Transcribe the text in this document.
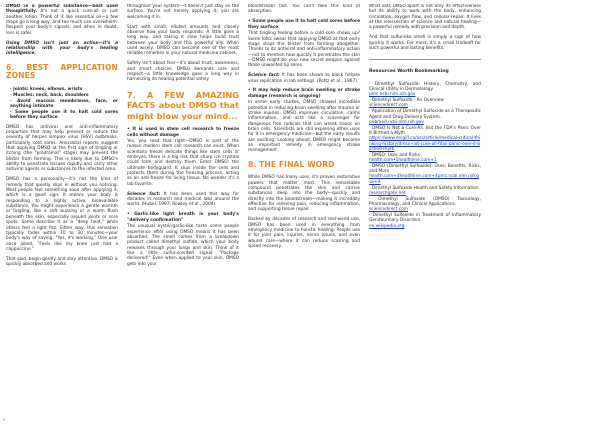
DMSO is a powerful substance—best used thoughtfully. It's not a quick cure-all or just another lotion. Think of it like essential oil—a few drops go a long way, and too much can overwhelm. Respect your body's signals, and when in doubt, less is safer.

Using DMSO isn't just an action—it's a relationship with your body's healing intelligence.

6. BEST APPLICATION ZONES
· Joints: knees, elbows, wrists
· Muscles: neck, back, shoulders
· Avoid mucous membranes, face, or anything intimate
· Some people use it to halt cold sores before they surface

DMSO has antiviral and anti-inflammatory properties that may help prevent or reduce the severity of herpes simplex virus (HSV) outbreaks, particularly cold sores. Anecdotal reports suggest that applying DMSO at the first sign of tingling or itching (the "prodromal" stage) may prevent the blister from forming. This is likely due to DMSO's ability to penetrate tissues rapidly and carry other antiviral agents or substances to the infected area.

DMSO has a personality—it's not the kind of remedy that quietly slips in without you noticing. Most people feel something soon after applying it, which is a good sign. It means your body is responding to a highly active, bioavailable substance. You might experience a gentle warmth or tingling, like a soft buzzing or a warm flush beneath the skin, especially around joints or sore spots. Some describe it as a "deep heat," while others feel a light fizz. Either way, this sensation typically fades within 10 to 30 minutes—your body's way of saying, "Yes, it's working." One user once joked, "Feels like my knee just had a cappuccino."

That said, begin gently and stay attentive. DMSO is quickly absorbed and works

throughout your system—it doesn't just stay on the surface. You're not merely applying it; you are welcoming it in.

Start with small, diluted amounts and closely observe how your body responds. A little goes a long way, and taking it slow helps build trust between your body and this powerful ally. When used wisely, DMSO can become one of the most reliable remedies in your natural medicine cabinet.

Safety isn't about fear—it's about trust, awareness, and smart choices. DMSO demands care and respect—a little knowledge goes a long way in harnessing its healing potential safely.

7. A FEW AMAZING FACTS about DMSO that might blow your mind...

• It is used in stem cell research to freeze cells without damage

Yes, you read that right—DMSO is part of the reason modern stem cell research can exist. When scientists freeze delicate things like stem cells or embryos, there is a big risk that sharp ice crystals could form and destroy them. Enter DMSO: the ultimate bodyguard. It slips inside the cells and protects them during the freezing process, acting as an anti-freeze for living tissue. No wonder it's a lab favorite.

Science fact: It has been used this way for decades in research and medical labs around the world. (Hubel, 1997; Rowley et al., 2004)

• Garlic-like light breath is your body's "delivery confirmation"

The unusual oyster/garlic-like taste some people experience after using DMSO means it has been absorbed. The smell comes from a breakdown product called dimethyl sulfide, which your body releases through your lungs and skin. Think of it like a little sulfur-scented signal: "Package delivered!" Even when applied to your skin, DMSO gets into your

bloodstream fast. You can't fake this kind of absorption.

• Some people use it to halt cold sores before they surface

That tingling feeling before a cold sore shows up? Some folks swear that applying DMSO at that early stage stops the blister from forming altogether. Thanks to its antiviral and anti-inflammatory action—not to mention how quickly it penetrates the skin—DMSO might be your new secret weapon against those unwanted lip sores.

Science fact: It has been shown to block herpes virus replication in lab settings. (Pottz et al., 1967)

• It may help reduce brain swelling or stroke damage (research is ongoing)

In some early studies, DMSO showed incredible potential in reducing brain swelling after trauma or stroke injuries. DMSO improves circulation, calms inflammation, and acts like a scavenger for dangerous free radicals that can wreak havoc on brain cells. Scientists are still exploring other uses for it in emergency medicine—but the early results are exciting. Looking ahead, DMSO might become an important remedy in emergency stroke management.

8. THE FINAL WORD

While DMSO has many uses, it's proven restorative powers that matter most. This remarkable compound penetrates the skin and carries substances deep into the body—quickly and directly into the bloodstream—making it incredibly effective for relieving pain, reducing inflammation, and supporting tissue repair.

Backed by decades of research and real-world use, DMSO has been used in everything from emergency medicine to holistic healing. People use it for joint pain, injuries, nerve issues, and even wound care—where it can reduce scarring and speed recovery.

What sets DMSO apart is not only its effectiveness but its ability to work with the body, enhancing circulation, oxygen flow, and cellular repair. It lives at the intersection of science and natural healing—a powerful remedy with precision and depth.

And that sulfur-like smell is simply a sign of how quickly it works. For most, it's a small tradeoff for such powerful and lasting benefits.

Resources Worth Bookmarking
· Dimethyl Sulfoxide: History, Chemistry, and Clinical Utility in Dermatology.
pmc.ncbi.nlm.nih.gov
· Dimethyl Sulfoxide - An Overview
sciencedirect.com
· Application of Dimethyl Sulfoxide as a Therapeutic Agent and Drug Delivery System.
pubmed.ncbi.nlm.nih.gov
· DMSO Is Not a Cure-All. But the FDA's Panic Over It Birthed a Myth
https://www.mcgill.ca/oss/article/medical-critical-thinking-history/dmso-not-cure-all-fdas-panic-over-it-birthed-myth
· DMSO: Uses and Risks
health.com•1healthline.com+1
· DMSO (Dimethyl Sulfoxide): Uses, Benefits, Risks, and More
health.com+4healthline.com+4pmc.ncbi.nlm.nih.gov+4
· Dimethyl Sulfoxide Health and Safety Information
researchgate.net
· Dimethyl Sulfoxide (DMSO) Toxicology, Pharmacology, and Clinical Applications.
sciencedirect.com
· Dimethyl Sulfoxide in Treatment of Inflammatory Genitourinary Disorders.
en.wikipedia.org
9
